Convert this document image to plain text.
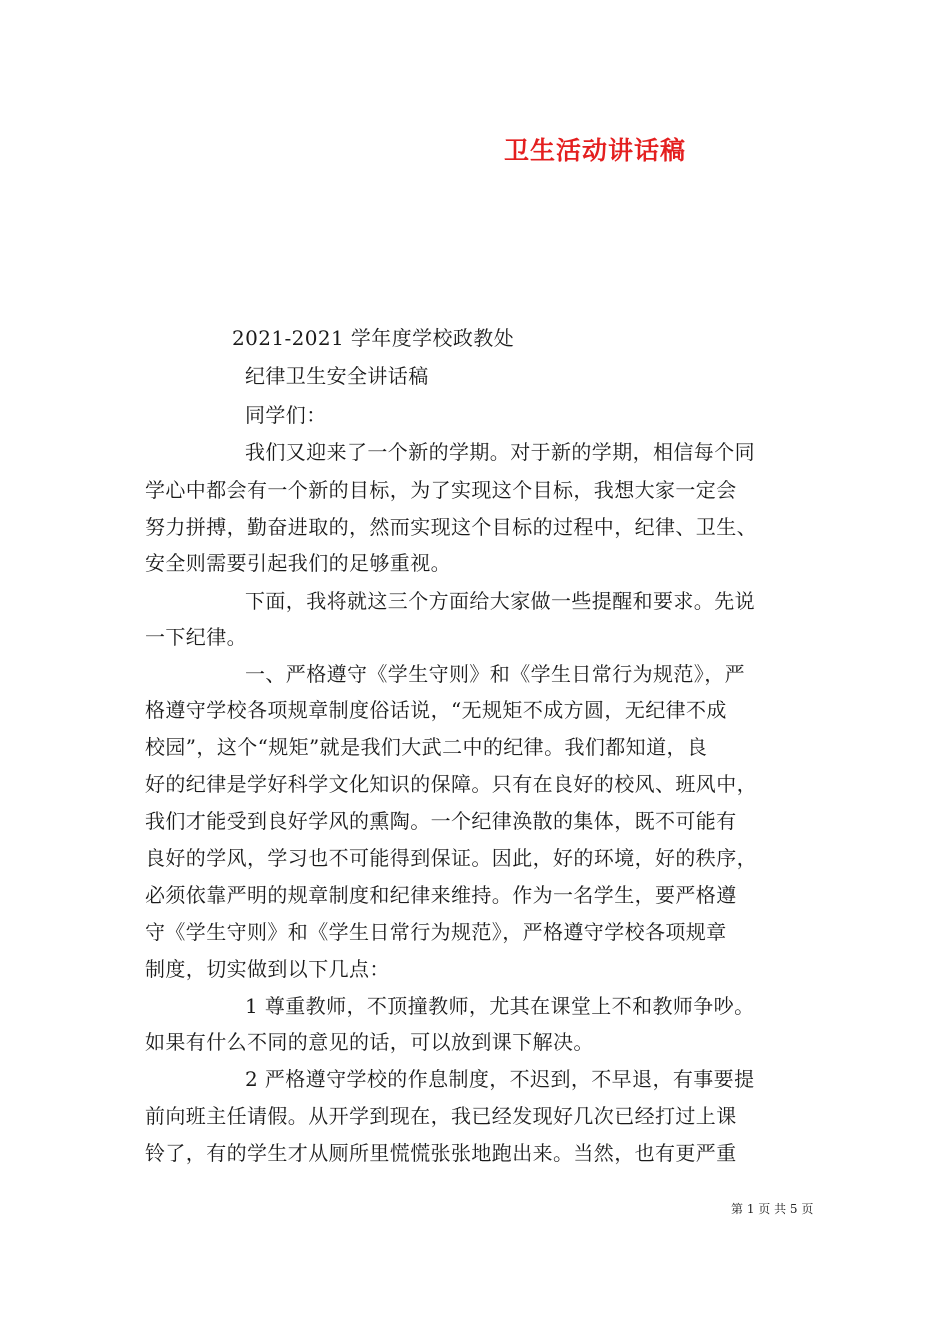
卫生活动讲话稿
2021-2021 学年度学校政教处
纪律卫生安全讲话稿
同学们：
我们又迎来了一个新的学期。对于新的学期，相信每个同
学心中都会有一个新的目标，为了实现这个目标，我想大家一定会
努力拼搏，勤奋进取的，然而实现这个目标的过程中，纪律、卫生、
安全则需要引起我们的足够重视。
下面，我将就这三个方面给大家做一些提醒和要求。先说
一下纪律。
一、严格遵守《学生守则》和《学生日常行为规范》，严
格遵守学校各项规章制度俗话说，“无规矩不成方圆，无纪律不成
校园”，这个“规矩”就是我们大武二中的纪律。我们都知道，良
好的纪律是学好科学文化知识的保障。只有在良好的校风、班风中，
我们才能受到良好学风的熏陶。一个纪律涣散的集体，既不可能有
良好的学风，学习也不可能得到保证。因此，好的环境，好的秩序，
必须依靠严明的规章制度和纪律来维持。作为一名学生，要严格遵
守《学生守则》和《学生日常行为规范》，严格遵守学校各项规章
制度，切实做到以下几点：
1 尊重教师，不顶撞教师，尤其在课堂上不和教师争吵。
如果有什么不同的意见的话，可以放到课下解决。
2 严格遵守学校的作息制度，不迟到，不早退，有事要提
前向班主任请假。从开学到现在，我已经发现好几次已经打过上课
铃了，有的学生才从厕所里慌慌张张地跑出来。当然，也有更严重
第 1 页 共 5 页
